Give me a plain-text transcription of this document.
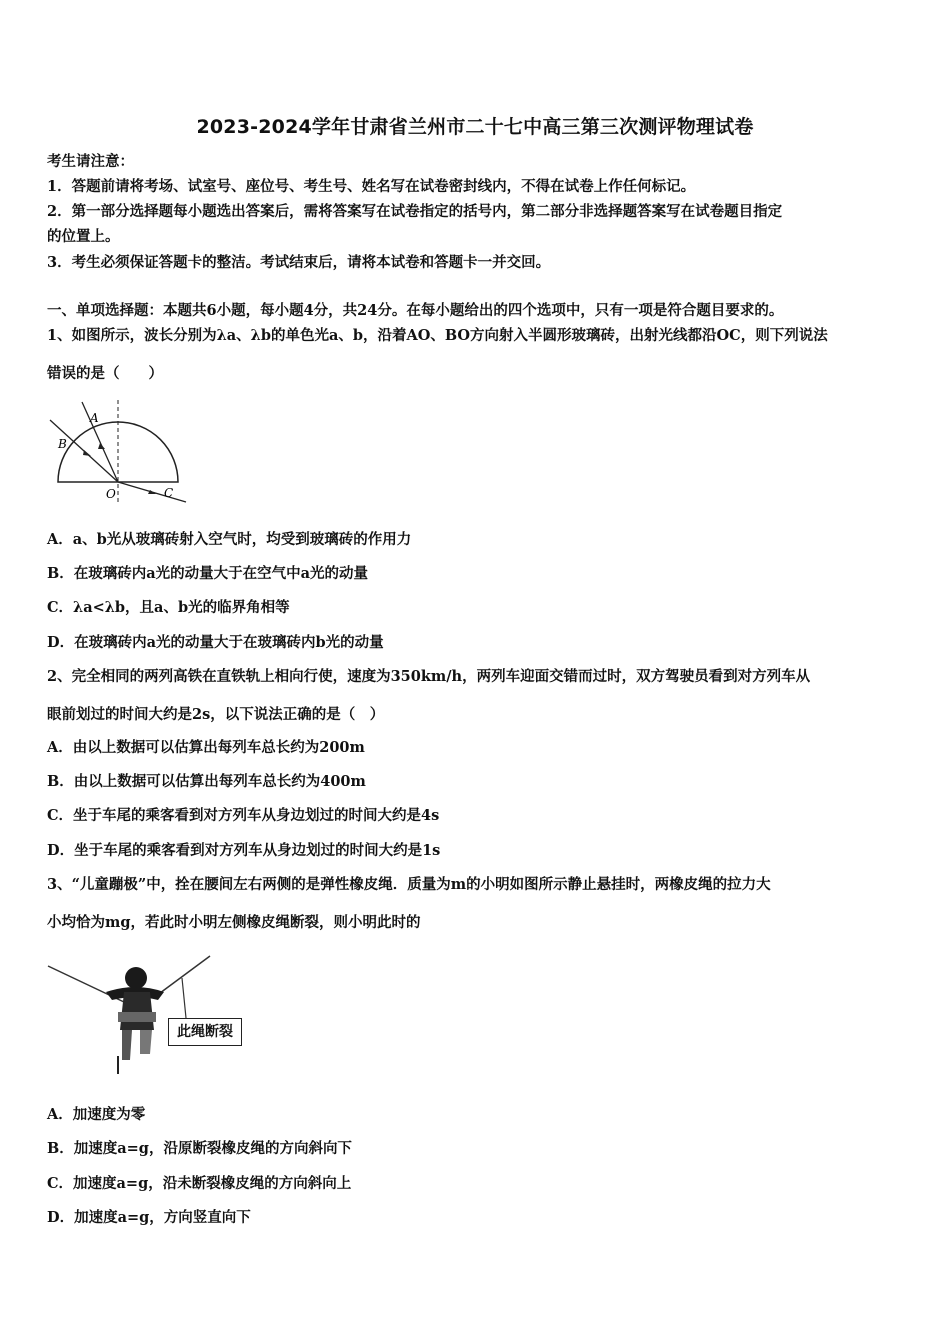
2023-2024学年甘肃省兰州市二十七中高三第三次测评物理试卷
考生请注意：
1．答题前请将考场、试室号、座位号、考生号、姓名写在试卷密封线内，不得在试卷上作任何标记。
2．第一部分选择题每小题选出答案后，需将答案写在试卷指定的括号内，第二部分非选择题答案写在试卷题目指定
的位置上。
3．考生必须保证答题卡的整洁。考试结束后，请将本试卷和答题卡一并交回。
一、单项选择题：本题共6小题，每小题4分，共24分。在每小题给出的四个选项中，只有一项是符合题目要求的。
1、如图所示，波长分别为λa、λb的单色光a、b，沿着AO、BO方向射入半圆形玻璃砖，出射光线都沿OC，则下列说法
错误的是（　　）
A
B
O	C
A．a、b光从玻璃砖射入空气时，均受到玻璃砖的作用力
B．在玻璃砖内a光的动量大于在空气中a光的动量
C．λa<λb，且a、b光的临界角相等
D．在玻璃砖内a光的动量大于在玻璃砖内b光的动量
2、完全相同的两列高铁在直铁轨上相向行使，速度为350km/h，两列车迎面交错而过时，双方驾驶员看到对方列车从
眼前划过的时间大约是2s，以下说法正确的是（　）
A．由以上数据可以估算出每列车总长约为200m
B．由以上数据可以估算出每列车总长约为400m
C．坐于车尾的乘客看到对方列车从身边划过的时间大约是4s
D．坐于车尾的乘客看到对方列车从身边划过的时间大约是1s
3、“儿童蹦极”中，拴在腰间左右两侧的是弹性橡皮绳．质量为m的小明如图所示静止悬挂时，两橡皮绳的拉力大
小均恰为mg，若此时小明左侧橡皮绳断裂，则小明此时的
此绳断裂
A．加速度为零
B．加速度a=g，沿原断裂橡皮绳的方向斜向下
C．加速度a=g，沿未断裂橡皮绳的方向斜向上
D．加速度a=g，方向竖直向下
